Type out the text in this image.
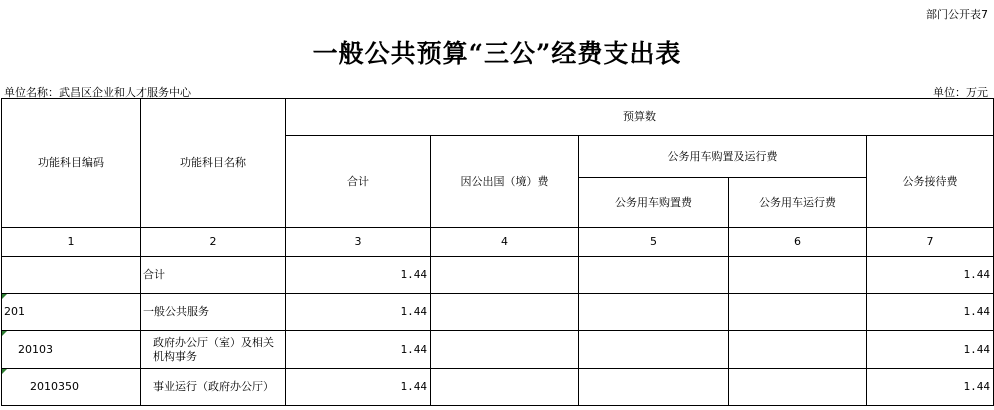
部门公开表7
一般公共预算“三公”经费支出表
单位名称：武昌区企业和人才服务中心	单位：万元
功能科目编码	功能科目名称	预算数				
		合计	因公出国（境）费	公务用车购置及运行费		公务接待费
				公务用车购置费	公务用车运行费	
1	2	3	4	5	6	7
	合计	1.44				1.44
201	一般公共服务	1.44				1.44
20103	政府办公厅（室）及相关机构事务	1.44				1.44
2010350	事业运行（政府办公厅）	1.44				1.44
